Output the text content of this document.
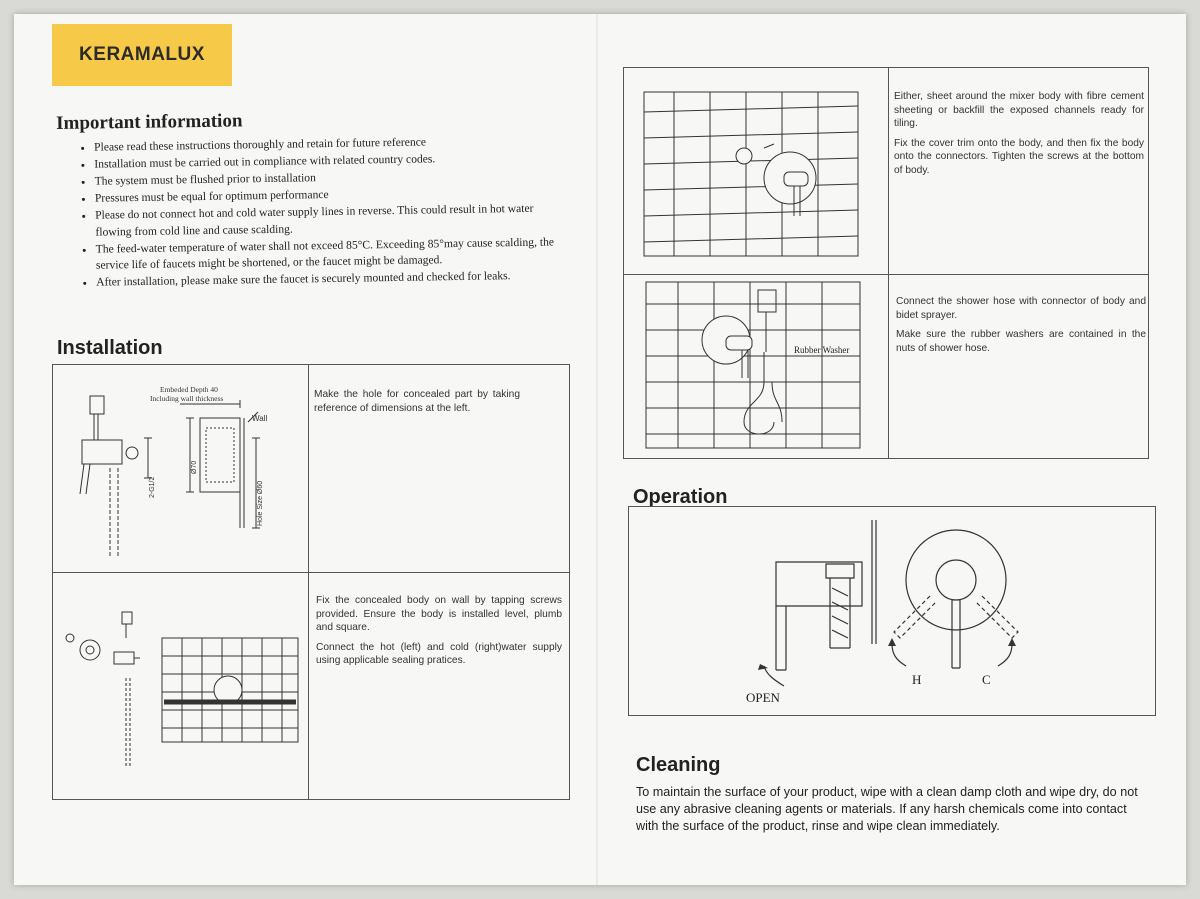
KERAMALUX
Important information
• Please read these instructions thoroughly and retain for future reference
• Installation must be carried out in compliance with related country codes.
• The system must be flushed prior to installation
• Pressures must be equal for optimum performance
• Please do not connect hot and cold water supply lines in reverse. This could result in hot water flowing from cold line and cause scalding.
• The feed-water temperature of water shall not exceed 85°C. Exceeding 85°may cause scalding, the service life of faucets might be shortened, or the faucet might be damaged.
• After installation, please make sure the faucet is securely mounted and checked for leaks.
Installation
Make the hole for concealed part by taking reference of dimensions at the left.

Fix the concealed body on wall by tapping screws provided. Ensure the body is installed level, plumb and square.

Connect the hot (left) and cold (right)water supply using applicable sealing pratices.

Embeded Depth 40
Including wall thickness
Wall
Ø70
Hole Size Ø60
2-G1/2

Either, sheet around the mixer body with fibre cement sheeting or backfill the exposed channels ready for tiling.

Fix the cover trim onto the body, and then fix the body onto the connectors. Tighten the screws at the bottom of body.

Connect the shower hose with connector of body and bidet sprayer.

Make sure the rubber washers are contained in the nuts of shower hose.

Rubber Washer
Operation
OPEN
H	C
Cleaning
To maintain the surface of your product, wipe with a clean damp cloth and wipe dry, do not use any abrasive cleaning agents or materials. If any harsh chemicals come into contact with the surface of the product, rinse and wipe clean immediately.
